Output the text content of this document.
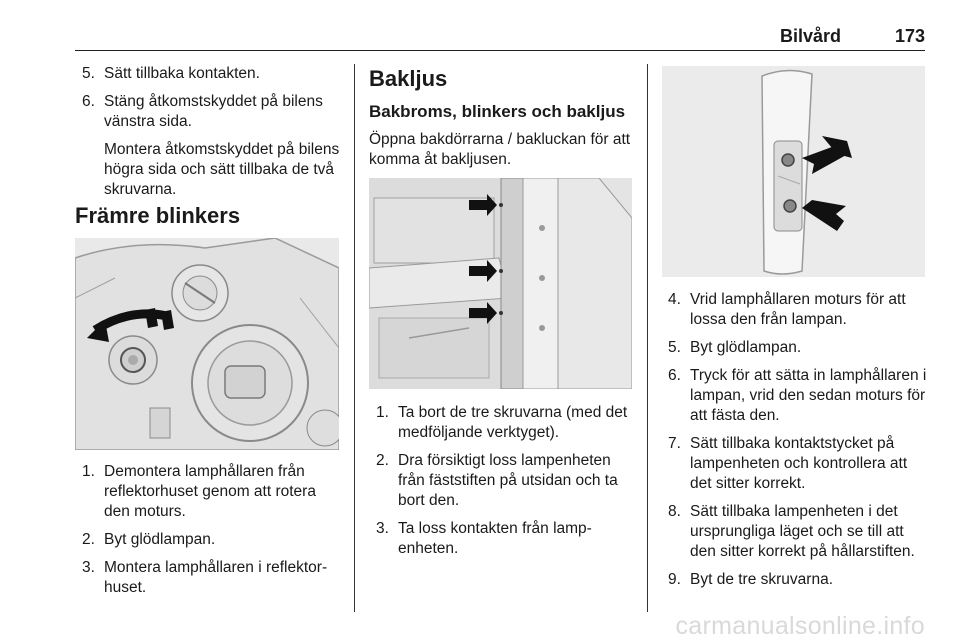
Bilvård	173
5. Sätt tillbaka kontakten.
6. Stäng åtkomstskyddet på bilens vänstra sida.
Montera åtkomstskyddet på bilens högra sida och sätt tillbaka de två skruvarna.
Främre blinkers
1. Demontera lamphållaren från reflektorhuset genom att rotera den moturs.
2. Byt glödlampan.
3. Montera lamphållaren i reflektor-huset.
Bakljus
Bakbroms, blinkers och bakljus
Öppna bakdörrarna / bakluckan för att komma åt bakljusen.
1. Ta bort de tre skruvarna (med det medföljande verktyget).
2. Dra försiktigt loss lampenheten från fäststiften på utsidan och ta bort den.
3. Ta loss kontakten från lamp-enheten.
4. Vrid lamphållaren moturs för att lossa den från lampan.
5. Byt glödlampan.
6. Tryck för att sätta in lamphållaren i lampan, vrid den sedan moturs för att fästa den.
7. Sätt tillbaka kontaktstycket på lampenheten och kontrollera att det sitter korrekt.
8. Sätt tillbaka lampenheten i det ursprungliga läget och se till att den sitter korrekt på hållarstiften.
9. Byt de tre skruvarna.
carmanualsonline.info
